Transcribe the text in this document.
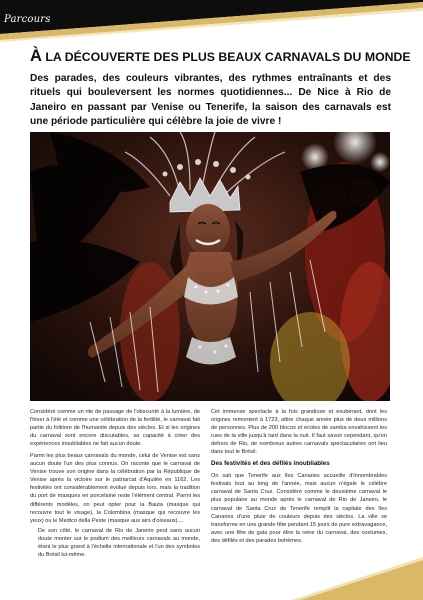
Parcours
À LA DÉCOUVERTE DES PLUS BEAUX CARNAVALS DU MONDE
Des parades, des couleurs vibrantes, des rythmes entraînants et des rituels qui bouleversent les normes quotidiennes... De Nice à Rio de Janeiro en passant par Venise ou Tenerife, la saison des carnavals est une période particulière qui célèbre la joie de vivre !

Considéré comme un rite de passage de l'obscurité à la lumière, de l'hiver à l'été et comme une célébration de la fertilité, le carnaval fait partie du folklore de l'humanité depuis des siècles. Et si les origines du carnaval sont encore discutables, sa capacité à créer des expériences inoubliables ne fait aucun doute.

Parmi les plus beaux carnavals du monde, celui de Venise est sans aucun doute l'un des plus connus. On raconte que le carnaval de Venise trouve son origine dans la célébration par la République de Venise après la victoire sur le patriarcat d'Aquilée en 1162. Les festivités ont considérablement évolué depuis lors, mais la tradition du port de masques en porcelaine reste l'élément central. Parmi les différents modèles, on peut opter pour la Bauta (masque qui recouvre tout le visage), la Colombina (masque qui recouvre les yeux) ou le Medico della Peste (masque aux airs d'oiseaux)....

De son côté, le carnaval de Rio de Janeiro peut sans aucun doute monter sur le podium des meilleurs carnavals au monde, étant le plus grand à l'échelle internationale et l'un des symboles du Brésil lui-même.

Cet immense spectacle à la fois grandiose et exubérant, dont les origines remontent à 1723, attire chaque année plus de deux millions de personnes. Plus de 200 blocos et écoles de samba envahissent les rues de la ville jusqu'à tard dans la nuit. Il faut savoir cependant, qu'en dehors de Rio, de nombreux autres carnavals spectaculaires ont lieu dans tout le Brésil.

Des festivités et des défilés inoubliables

On sait que Tenerife aux îles Canaries accueille d'innombrables festivals tout au long de l'année, mais aucun n'égale le célèbre carnaval de Santa Cruz. Considéré comme le deuxième carnaval le plus populaire au monde après le carnaval de Rio de Janeiro, le carnaval de Santa Cruz de Tenerife remplit la capitale des îles Canaries d'une pluie de couleurs depuis des siècles. La ville se transforme en une grande fête pendant 15 jours de pure extravagance, avec une fête de gala pour élire la reine du carnaval, des costumes, des défilés et des parades bohèmes.
